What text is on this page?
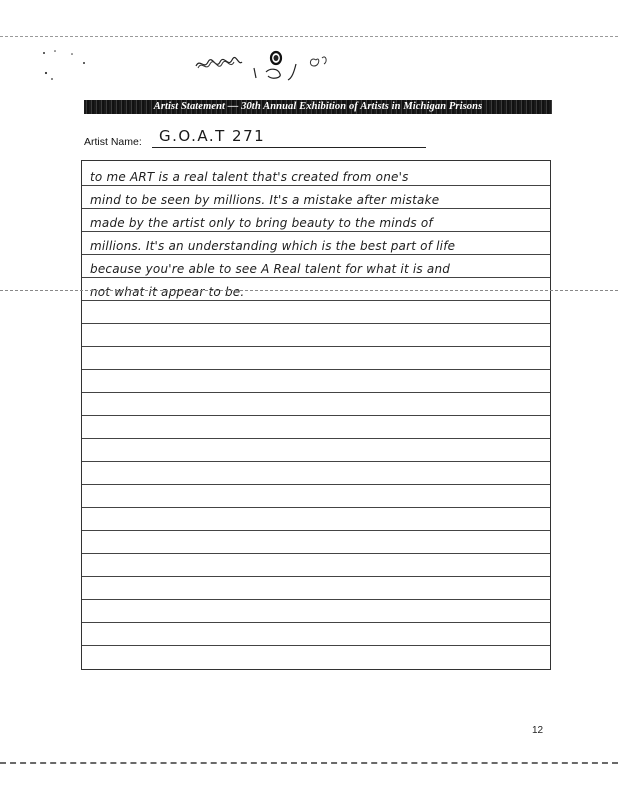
Artist Statement — 30th Annual Exhibition of Artists in Michigan Prisons
Artist Name: G.O.A.T 271
to me ART is a real talent that's created from one's
mind to be seen by millions. It's a mistake after mistake
made by the artist only to bring beauty to the minds of
millions. It's an understanding which is the best part of life
because you're able to see A Real talent for what it is and
not what it appear to be.
12
